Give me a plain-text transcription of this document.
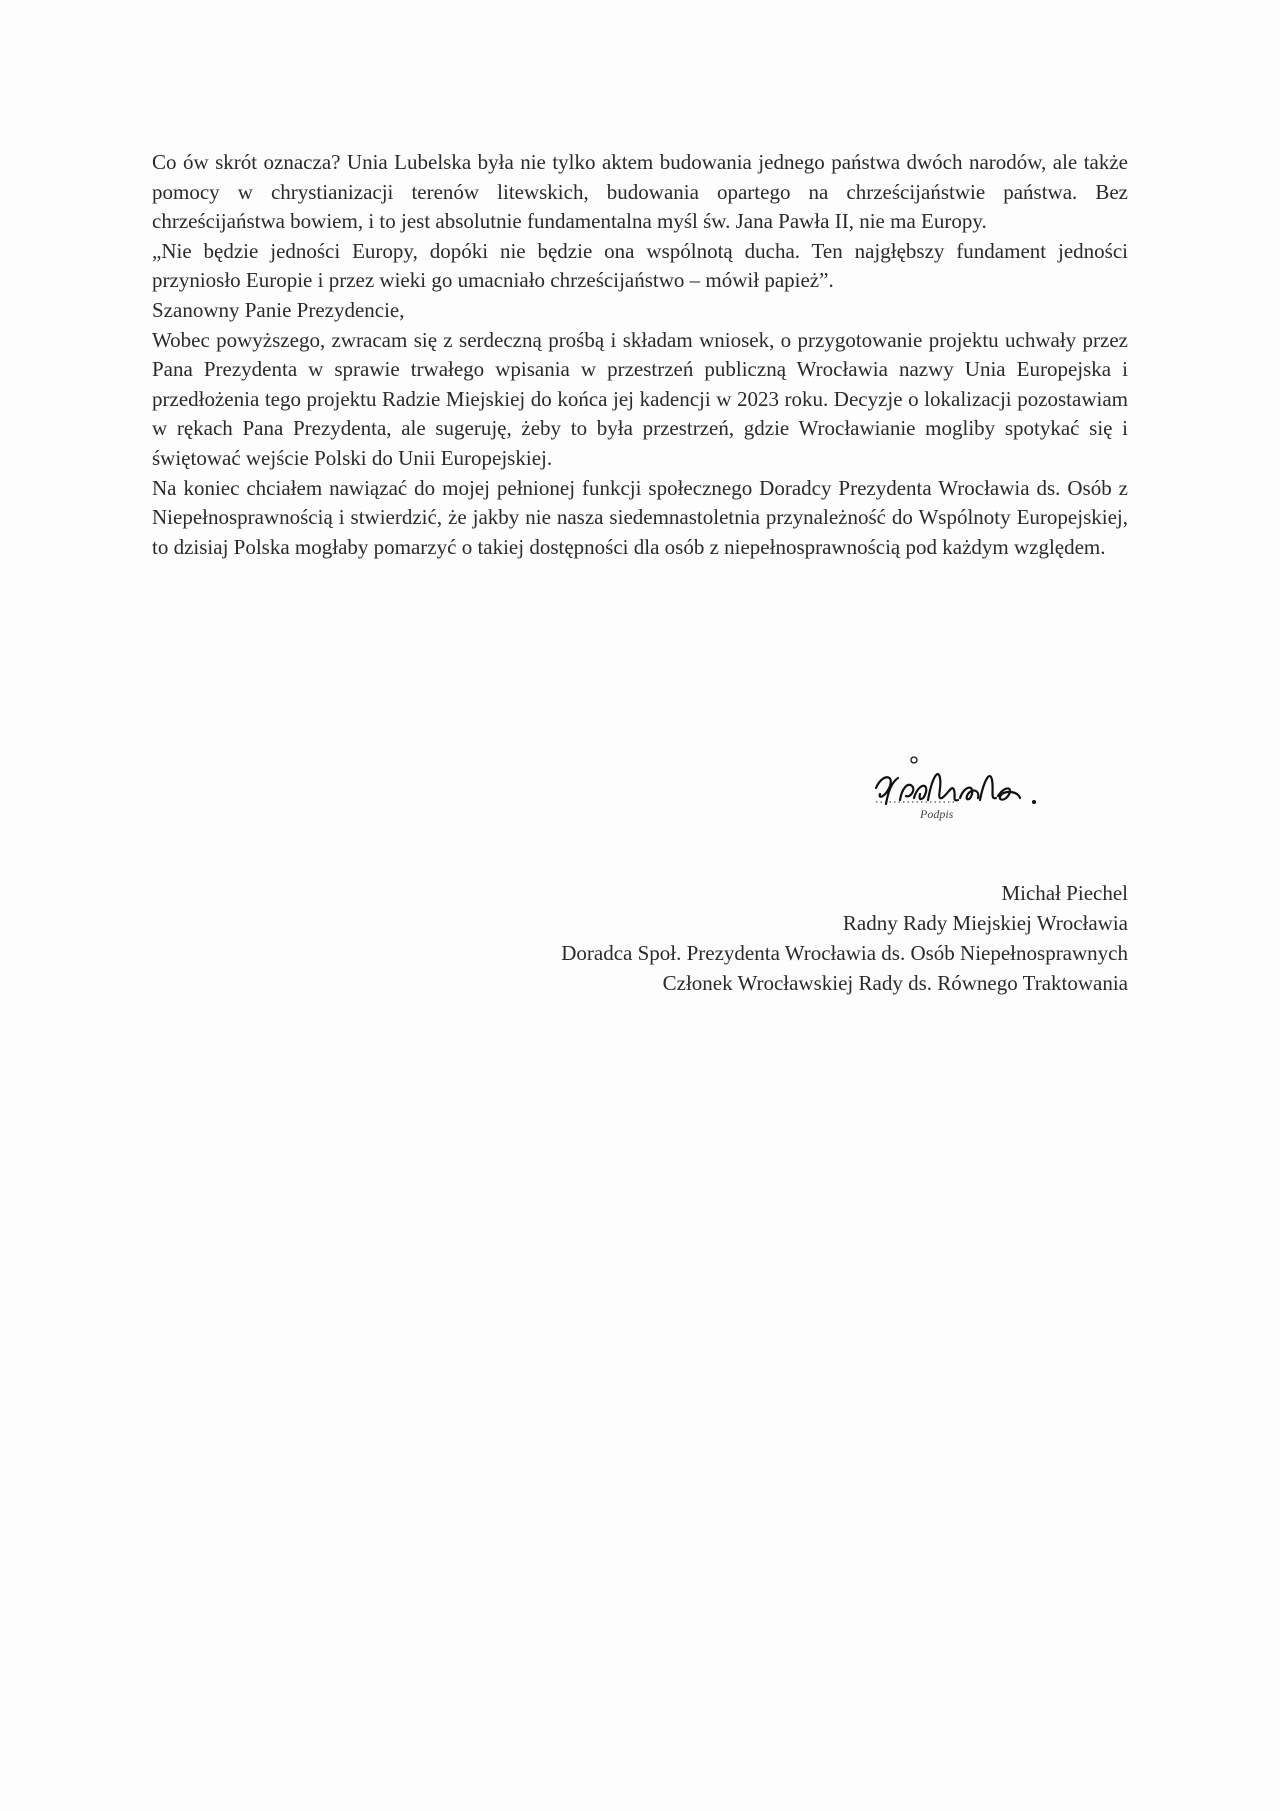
Co ów skrót oznacza? Unia Lubelska była nie tylko aktem budowania jednego państwa dwóch narodów, ale także pomocy w chrystianizacji terenów litewskich, budowania opartego na chrześcijaństwie państwa. Bez chrześcijaństwa bowiem, i to jest absolutnie fundamentalna myśl św. Jana Pawła II, nie ma Europy.

„Nie będzie jedności Europy, dopóki nie będzie ona wspólnotą ducha. Ten najgłębszy fundament jedności przyniosło Europie i przez wieki go umacniało chrześcijaństwo – mówił papież”.

Szanowny Panie Prezydencie,

Wobec powyższego, zwracam się z serdeczną prośbą i składam wniosek, o przygotowanie projektu uchwały przez Pana Prezydenta w sprawie trwałego wpisania w przestrzeń publiczną Wrocławia nazwy Unia Europejska i przedłożenia tego projektu Radzie Miejskiej do końca jej kadencji w 2023 roku. Decyzje o lokalizacji pozostawiam w rękach Pana Prezydenta, ale sugeruję, żeby to była przestrzeń, gdzie Wrocławianie mogliby spotykać się i świętować wejście Polski do Unii Europejskiej.

Na koniec chciałem nawiązać do mojej pełnionej funkcji społecznego Doradcy Prezydenta Wrocławia ds. Osób z Niepełnosprawnością i stwierdzić, że jakby nie nasza siedemnastoletnia przynależność do Wspólnoty Europejskiej, to dzisiaj Polska mogłaby pomarzyć o takiej dostępności dla osób z niepełnosprawnością pod każdym względem.

Podpis
Michał Piechel
Radny Rady Miejskiej Wrocławia
Doradca Społ. Prezydenta Wrocławia ds. Osób Niepełnosprawnych
Członek Wrocławskiej Rady ds. Równego Traktowania
